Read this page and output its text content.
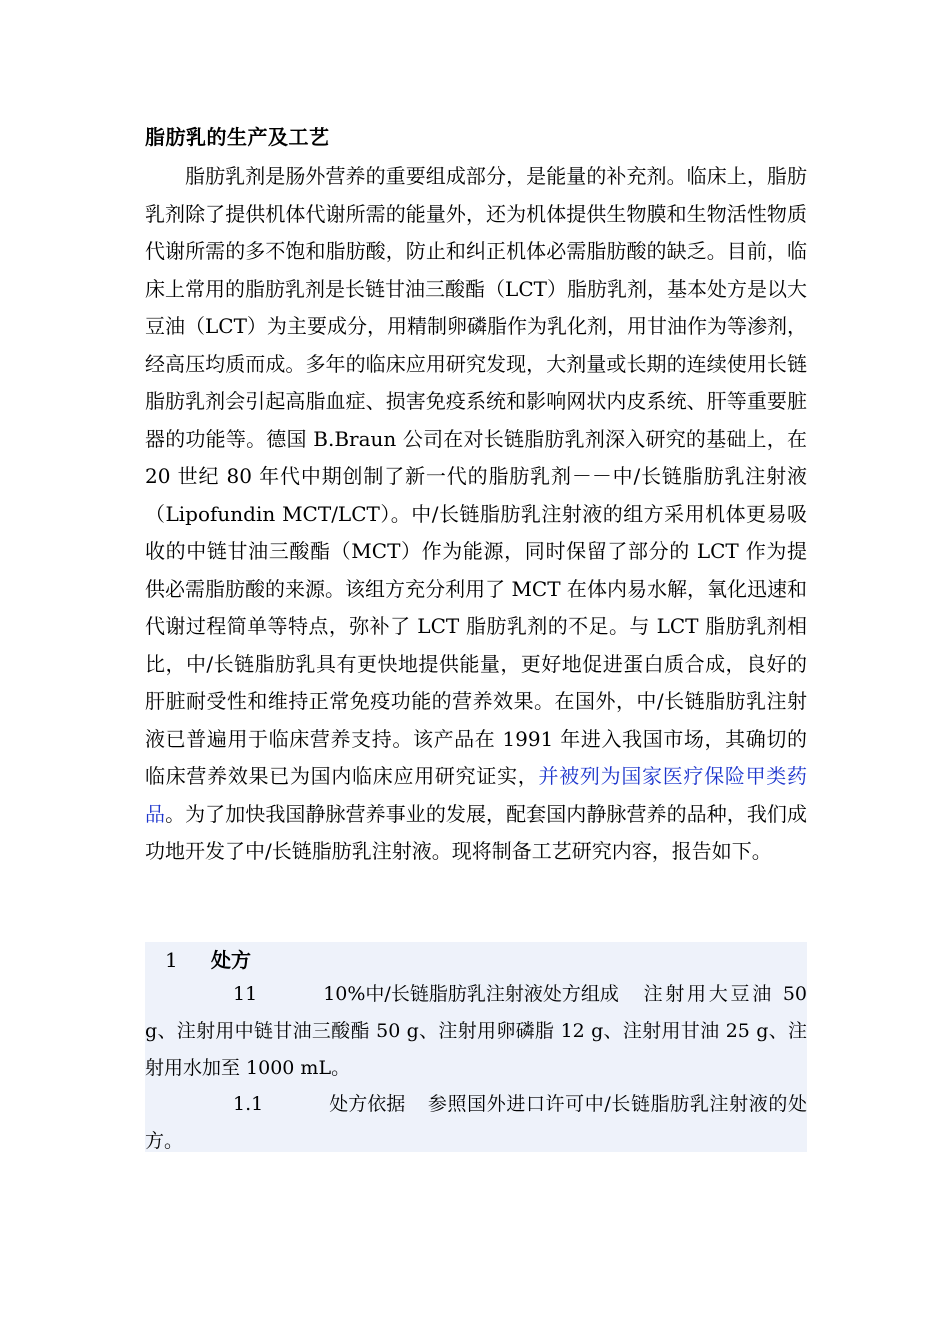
脂肪乳的生产及工艺
脂肪乳剂是肠外营养的重要组成部分，是能量的补充剂。临床上，脂肪乳剂除了提供机体代谢所需的能量外，还为机体提供生物膜和生物活性物质代谢所需的多不饱和脂肪酸，防止和纠正机体必需脂肪酸的缺乏。目前，临床上常用的脂肪乳剂是长链甘油三酸酯（LCT）脂肪乳剂，基本处方是以大豆油（LCT）为主要成分，用精制卵磷脂作为乳化剂，用甘油作为等渗剂，经高压均质而成。多年的临床应用研究发现，大剂量或长期的连续使用长链脂肪乳剂会引起高脂血症、损害免疫系统和影响网状内皮系统、肝等重要脏器的功能等。德国 B.Braun 公司在对长链脂肪乳剂深入研究的基础上，在 20 世纪 80 年代中期创制了新一代的脂肪乳剂－－中/长链脂肪乳注射液（Lipofundin MCT/LCT）。中/长链脂肪乳注射液的组方采用机体更易吸收的中链甘油三酸酯（MCT）作为能源，同时保留了部分的 LCT 作为提供必需脂肪酸的来源。该组方充分利用了 MCT 在体内易水解，氧化迅速和代谢过程简单等特点，弥补了 LCT 脂肪乳剂的不足。与 LCT 脂肪乳剂相比，中/长链脂肪乳具有更快地提供能量，更好地促进蛋白质合成，良好的肝脏耐受性和维持正常免疫功能的营养效果。在国外，中/长链脂肪乳注射液已普遍用于临床营养支持。该产品在 1991 年进入我国市场，其确切的临床营养效果已为国内临床应用研究证实，并被列为国家医疗保险甲类药品。为了加快我国静脉营养事业的发展，配套国内静脉营养的品种，我们成功地开发了中/长链脂肪乳注射液。现将制备工艺研究内容，报告如下。
1 处方
11	10%中/长链脂肪乳注射液处方组成 注射用大豆油 50 g、注射用中链甘油三酸酯 50 g、注射用卵磷脂 12 g、注射用甘油 25 g、注射用水加至 1000 mL。
1.1	处方依据 参照国外进口许可中/长链脂肪乳注射液的处方。
